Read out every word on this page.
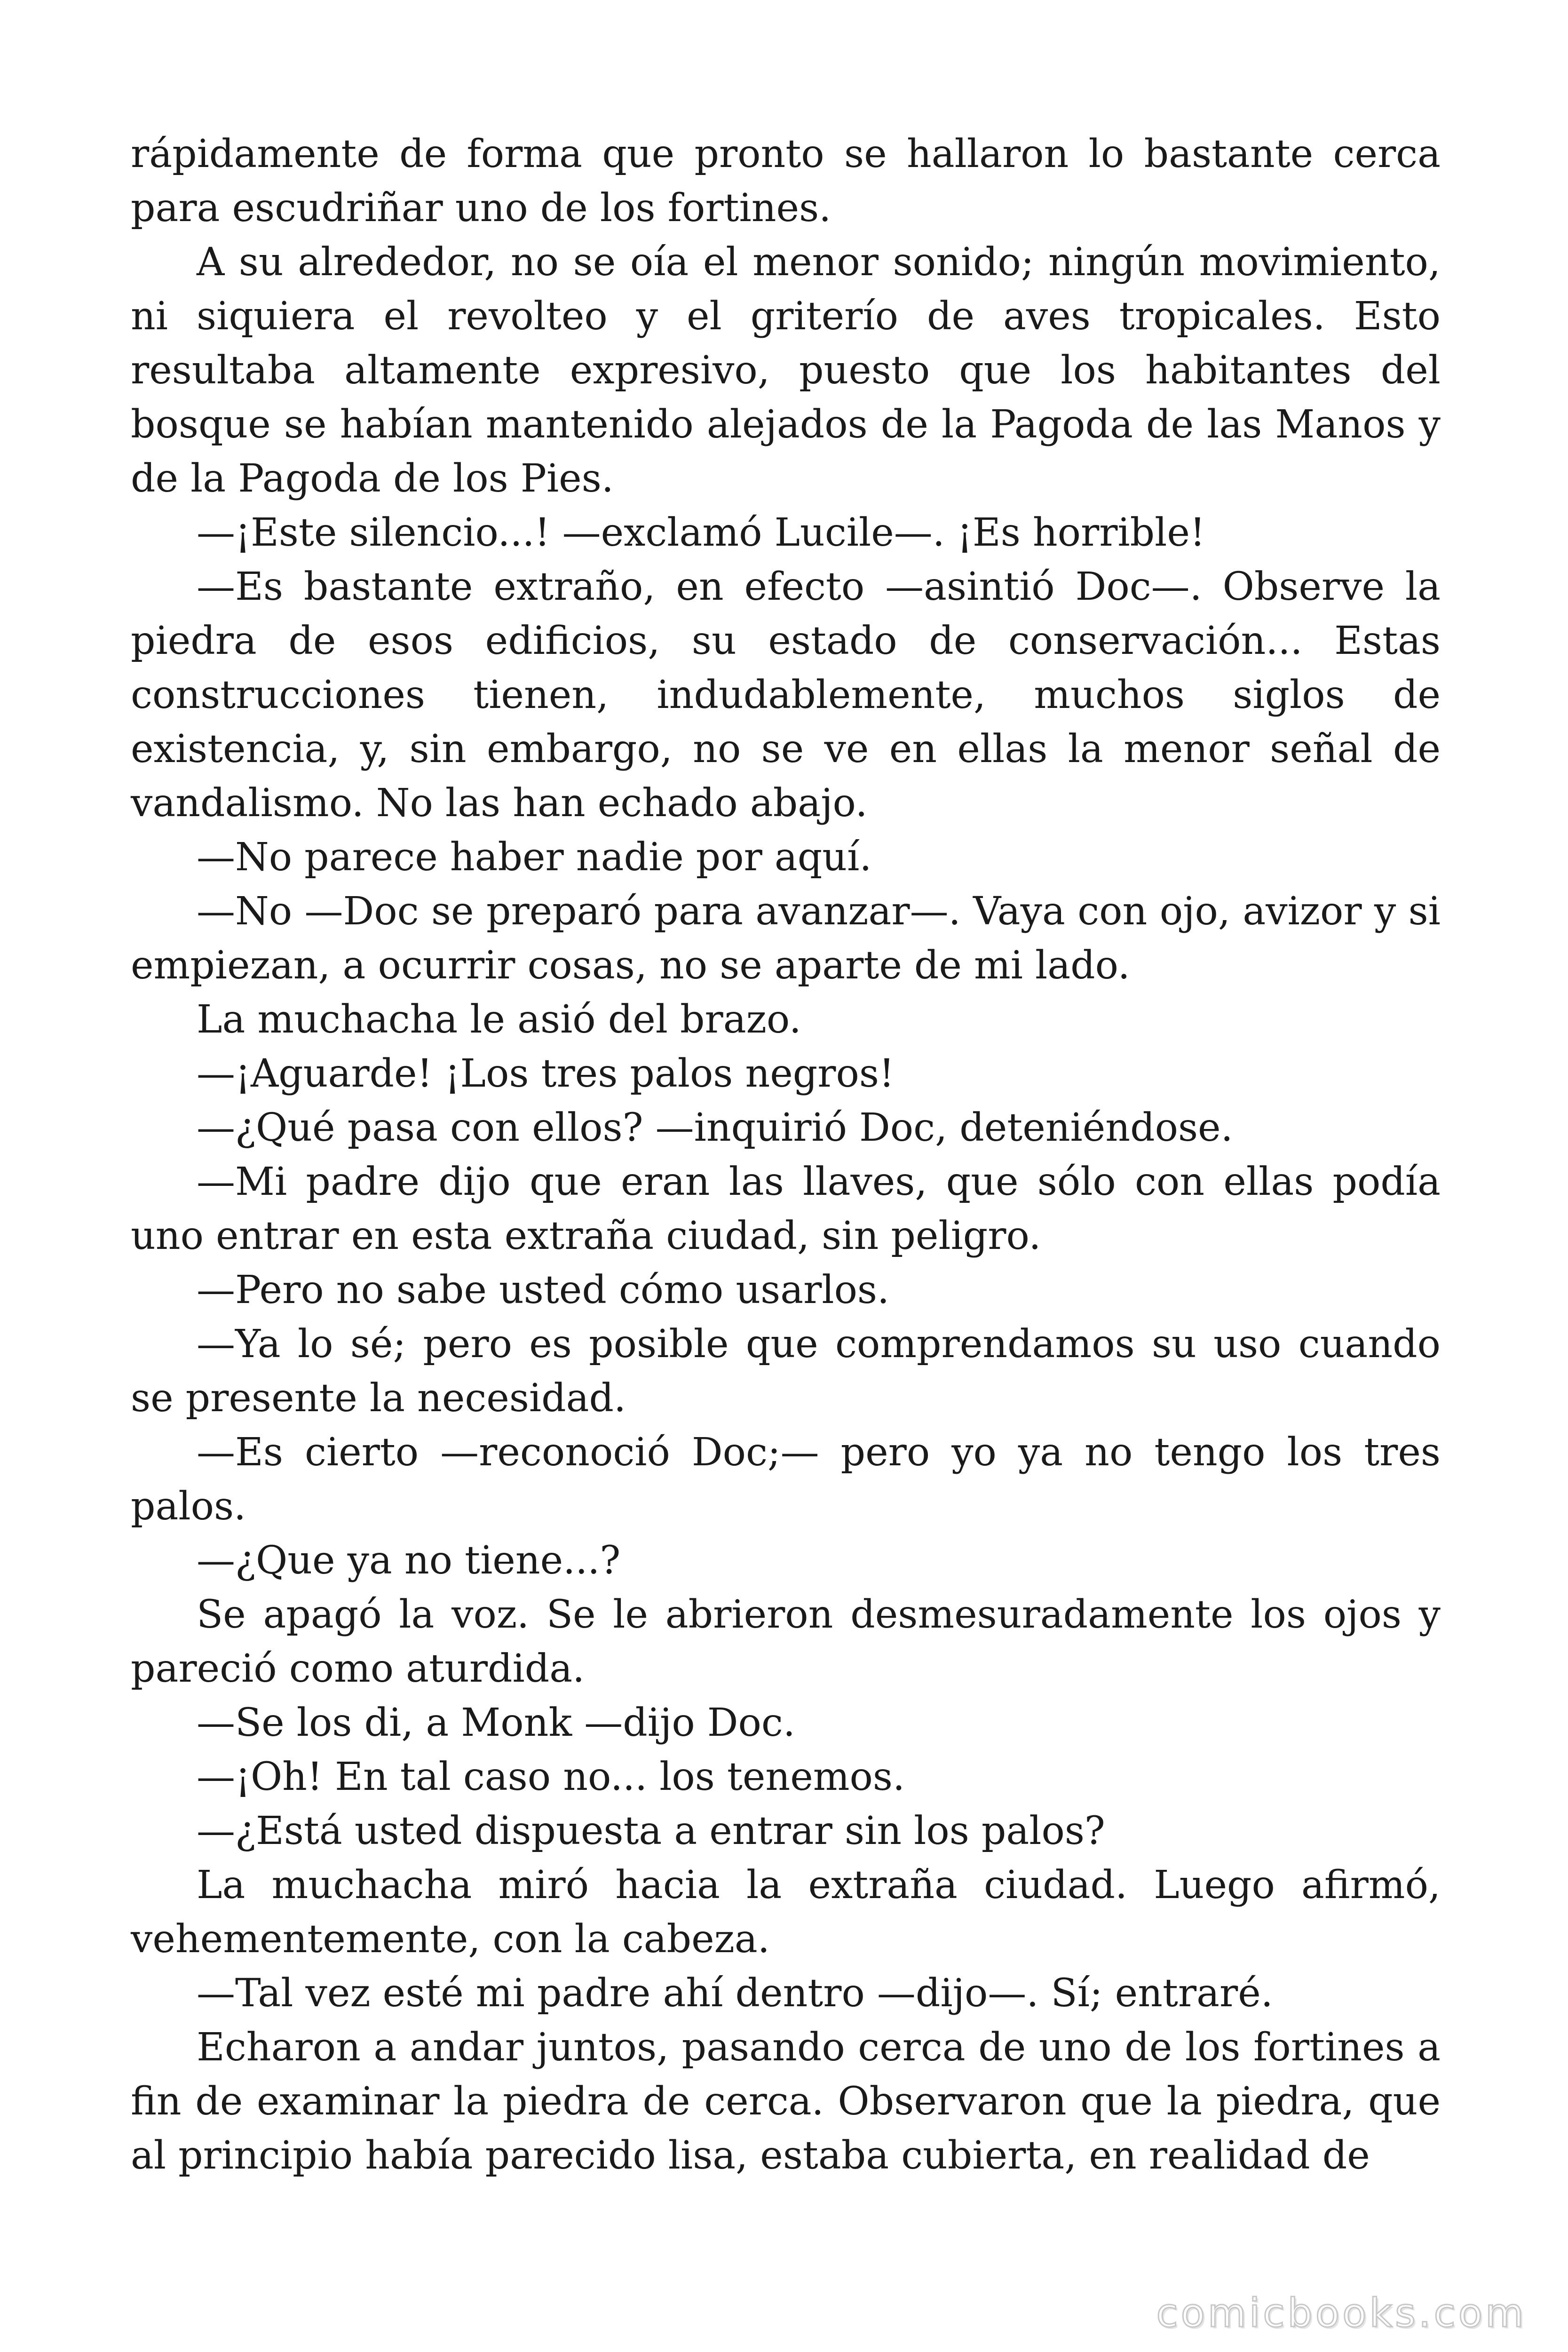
rápidamente de forma que pronto se hallaron lo bastante cerca para escudriñar uno de los fortines.

A su alrededor, no se oía el menor sonido; ningún movimiento, ni siquiera el revolteo y el griterío de aves tropicales. Esto resultaba altamente expresivo, puesto que los habitantes del bosque se habían mantenido alejados de la Pagoda de las Manos y de la Pagoda de los Pies.

—¡Este silencio...! —exclamó Lucile—. ¡Es horrible!

—Es bastante extraño, en efecto —asintió Doc—. Observe la piedra de esos edificios, su estado de conservación... Estas construcciones tienen, indudablemente, muchos siglos de existencia, y, sin embargo, no se ve en ellas la menor señal de vandalismo. No las han echado abajo.

—No parece haber nadie por aquí.

—No —Doc se preparó para avanzar—. Vaya con ojo, avizor y si empiezan, a ocurrir cosas, no se aparte de mi lado.

La muchacha le asió del brazo.

—¡Aguarde! ¡Los tres palos negros!

—¿Qué pasa con ellos? —inquirió Doc, deteniéndose.

—Mi padre dijo que eran las llaves, que sólo con ellas podía uno entrar en esta extraña ciudad, sin peligro.

—Pero no sabe usted cómo usarlos.

—Ya lo sé; pero es posible que comprendamos su uso cuando se presente la necesidad.

—Es cierto —reconoció Doc;— pero yo ya no tengo los tres palos.

—¿Que ya no tiene...?

Se apagó la voz. Se le abrieron desmesuradamente los ojos y pareció como aturdida.

—Se los di, a Monk —dijo Doc.

—¡Oh! En tal caso no... los tenemos.

—¿Está usted dispuesta a entrar sin los palos?

La muchacha miró hacia la extraña ciudad. Luego afirmó, vehementemente, con la cabeza.

—Tal vez esté mi padre ahí dentro —dijo—. Sí; entraré.

Echaron a andar juntos, pasando cerca de uno de los fortines a fin de examinar la piedra de cerca. Observaron que la piedra, que al principio había parecido lisa, estaba cubierta, en realidad de

comicbooks.com
